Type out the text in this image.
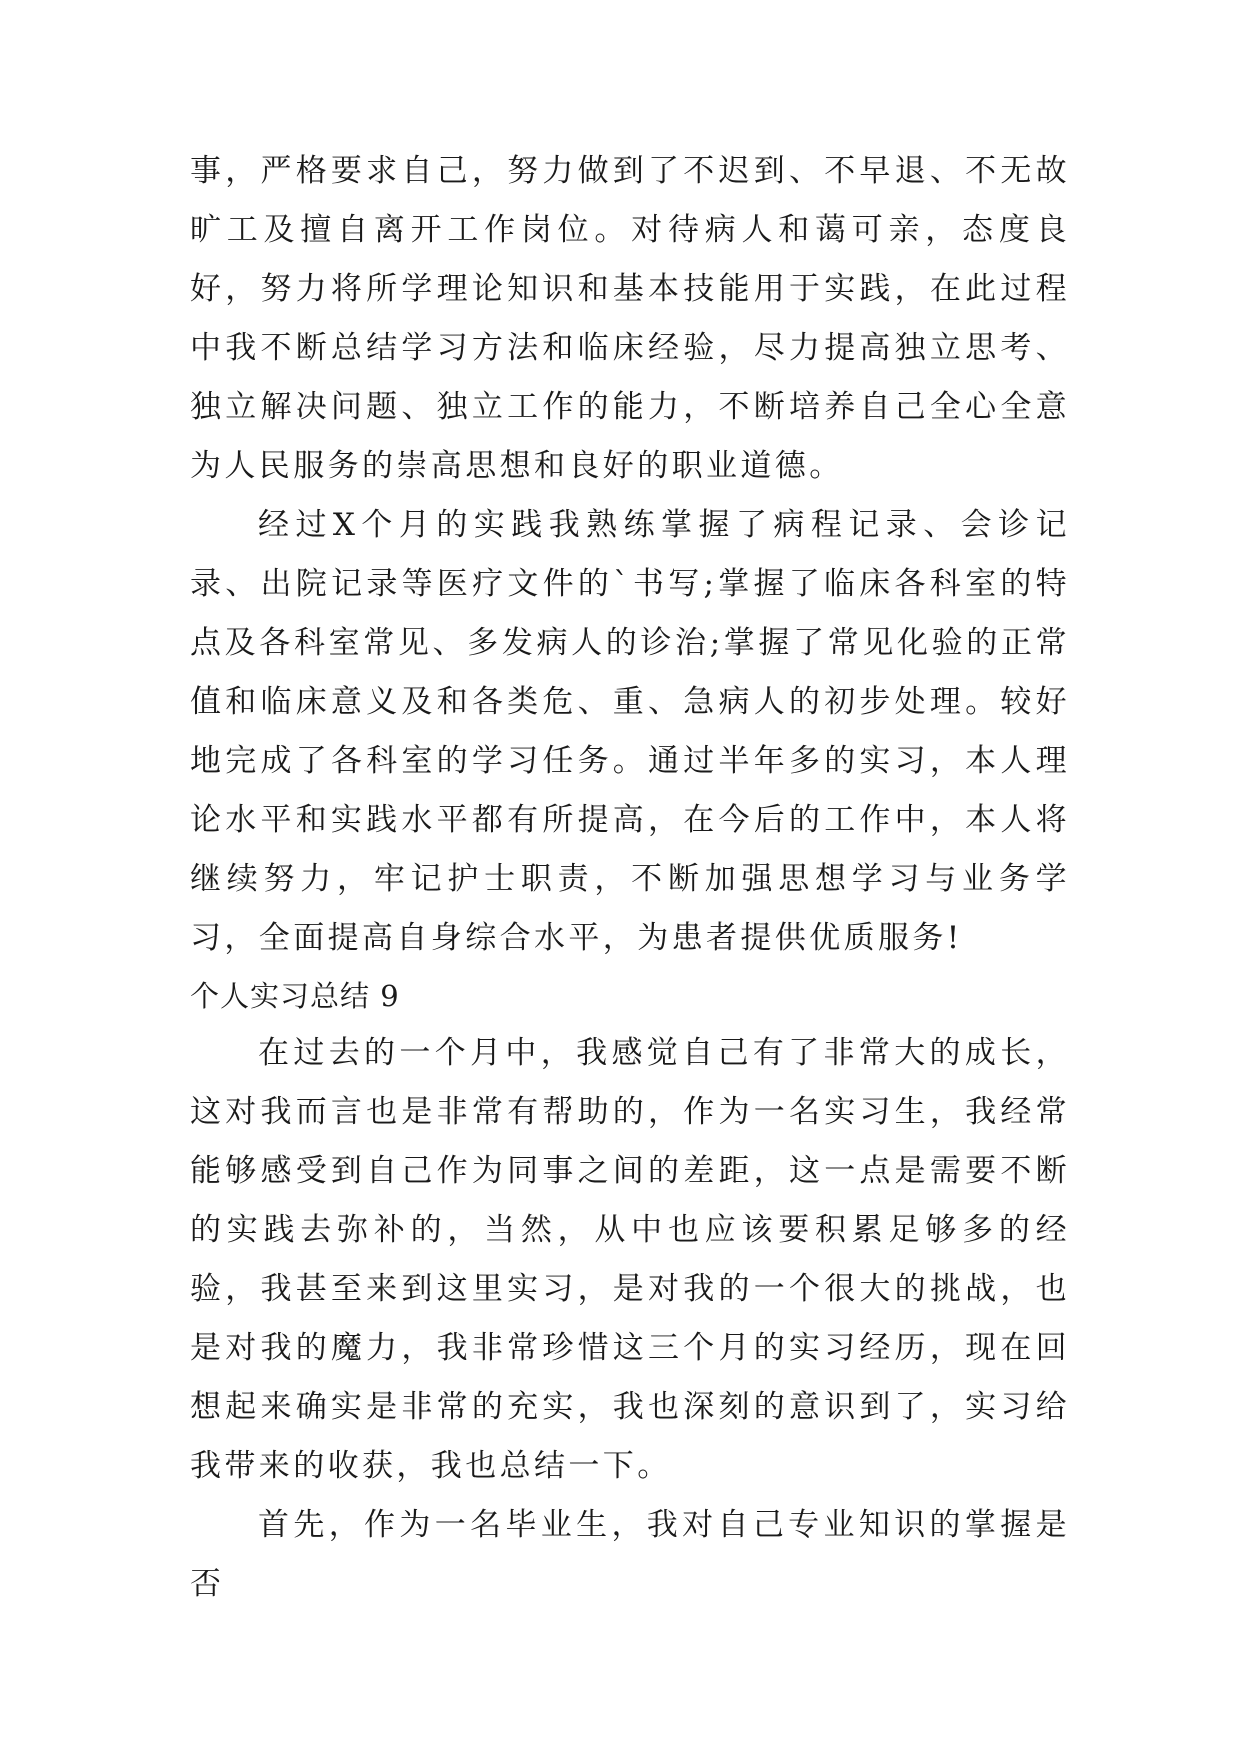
事，严格要求自己，努力做到了不迟到、不早退、不无故旷工及擅自离开工作岗位。对待病人和蔼可亲，态度良好，努力将所学理论知识和基本技能用于实践，在此过程中我不断总结学习方法和临床经验，尽力提高独立思考、独立解决问题、独立工作的能力，不断培养自己全心全意为人民服务的崇高思想和良好的职业道德。

经过X个月的实践我熟练掌握了病程记录、会诊记录、出院记录等医疗文件的`书写;掌握了临床各科室的特点及各科室常见、多发病人的诊治;掌握了常见化验的正常值和临床意义及和各类危、重、急病人的初步处理。较好地完成了各科室的学习任务。通过半年多的实习，本人理论水平和实践水平都有所提高，在今后的工作中，本人将继续努力，牢记护士职责，不断加强思想学习与业务学习，全面提高自身综合水平，为患者提供优质服务!

个人实习总结 9

在过去的一个月中，我感觉自己有了非常大的成长，这对我而言也是非常有帮助的，作为一名实习生，我经常能够感受到自己作为同事之间的差距，这一点是需要不断的实践去弥补的，当然，从中也应该要积累足够多的经验，我甚至来到这里实习，是对我的一个很大的挑战，也是对我的魔力，我非常珍惜这三个月的实习经历，现在回想起来确实是非常的充实，我也深刻的意识到了，实习给我带来的收获，我也总结一下。

首先，作为一名毕业生，我对自己专业知识的掌握是否
